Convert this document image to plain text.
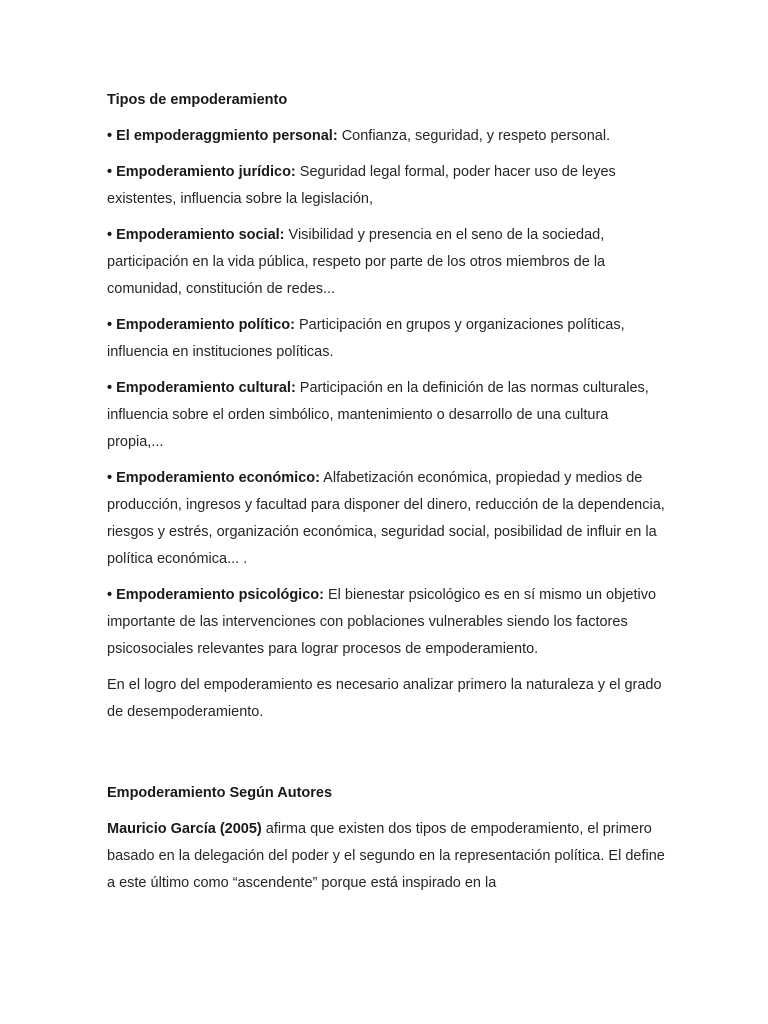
Tipos de empoderamiento
• El empoderaggmiento personal: Confianza, seguridad, y respeto personal.
• Empoderamiento jurídico: Seguridad legal formal, poder hacer uso de leyes existentes, influencia sobre la legislación,
• Empoderamiento social: Visibilidad y presencia en el seno de la sociedad, participación en la vida pública, respeto por parte de los otros miembros de la comunidad, constitución de redes...
• Empoderamiento político: Participación en grupos y organizaciones políticas, influencia en instituciones políticas.
• Empoderamiento cultural: Participación en la definición de las normas culturales, influencia sobre el orden simbólico, mantenimiento o desarrollo de una cultura propia,...
• Empoderamiento económico: Alfabetización económica, propiedad y medios de producción, ingresos y facultad para disponer del dinero, reducción de la dependencia, riesgos y estrés, organización económica, seguridad social, posibilidad de influir en la política económica... .
• Empoderamiento psicológico: El bienestar psicológico es en sí mismo un objetivo importante de las intervenciones con poblaciones vulnerables siendo los factores psicosociales relevantes para lograr procesos de empoderamiento.
En el logro del empoderamiento es necesario analizar primero la naturaleza y el grado de desempoderamiento.
Empoderamiento Según Autores
Mauricio García (2005) afirma que existen dos tipos de empoderamiento, el primero basado en la delegación del poder y el segundo en la representación política. El define a este último como “ascendente” porque está inspirado en la
